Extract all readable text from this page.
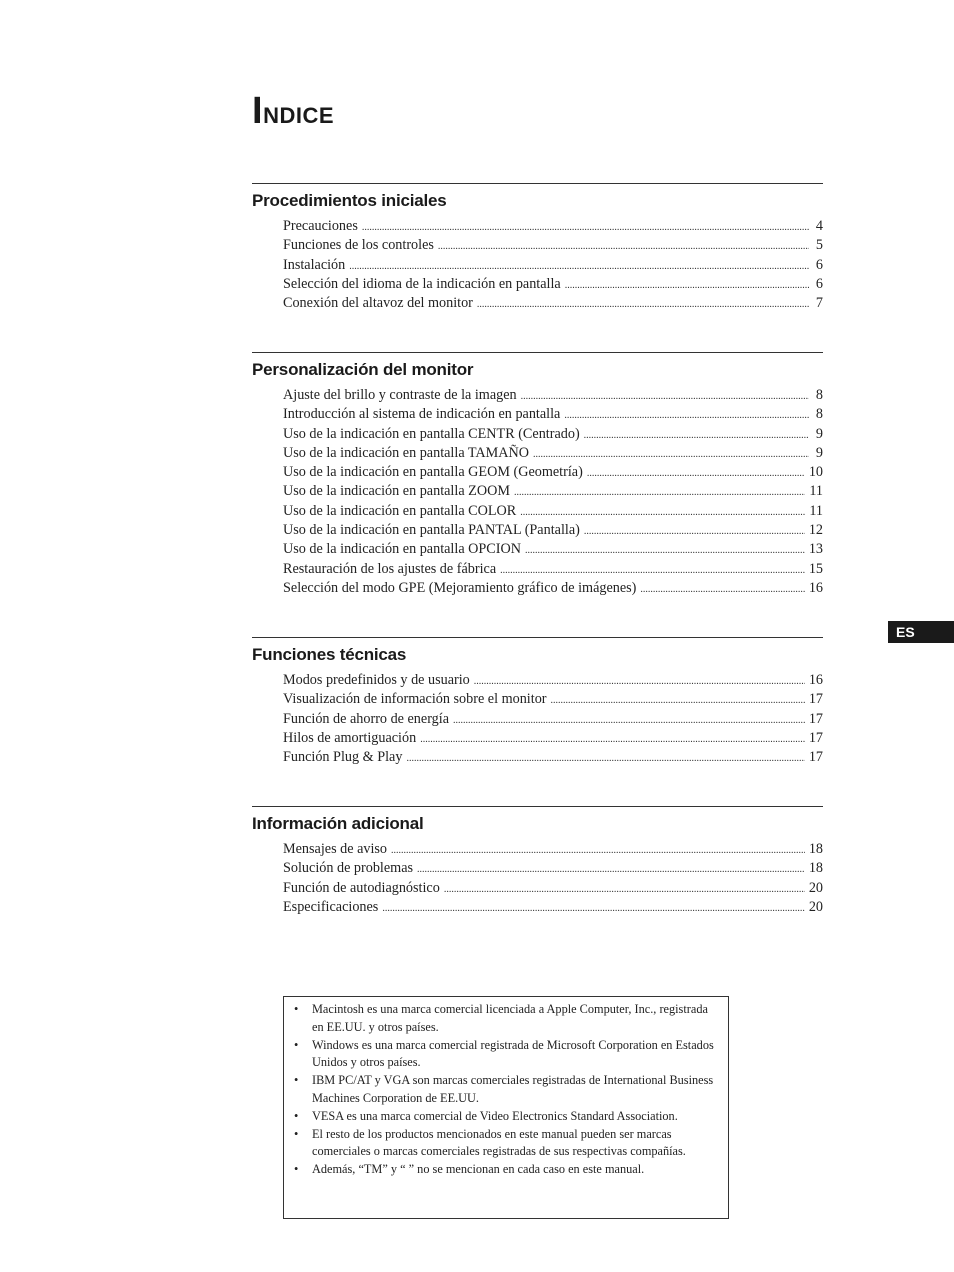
Indice
Procedimientos iniciales
Precauciones .....	4
Funciones de los controles .....	5
Instalación .....	6
Selección del idioma de la indicación en pantalla .....	6
Conexión del altavoz del monitor .....	7
Personalización del monitor
Ajuste del brillo y contraste de la imagen .....	8
Introducción al sistema de indicación en pantalla .....	8
Uso de la indicación en pantalla CENTR (Centrado) .....	9
Uso de la indicación en pantalla TAMAÑO .....	9
Uso de la indicación en pantalla GEOM (Geometría) .....	10
Uso de la indicación en pantalla ZOOM .....	11
Uso de la indicación en pantalla COLOR .....	11
Uso de la indicación en pantalla PANTAL (Pantalla) .....	12
Uso de la indicación en pantalla OPCION .....	13
Restauración de los ajustes de fábrica .....	15
Selección del modo GPE (Mejoramiento gráfico de imágenes) .....	16
Funciones técnicas
Modos predefinidos y de usuario .....	16
Visualización de información sobre el monitor .....	17
Función de ahorro de energía .....	17
Hilos de amortiguación .....	17
Función Plug & Play .....	17
Información adicional
Mensajes de aviso .....	18
Solución de problemas .....	18
Función de autodiagnóstico .....	20
Especificaciones .....	20
ES
• Macintosh es una marca comercial licenciada a Apple Computer, Inc., registrada en EE.UU. y otros países.
• Windows es una marca comercial registrada de Microsoft Corporation en Estados Unidos y otros países.
• IBM PC/AT y VGA son marcas comerciales registradas de International Business Machines Corporation de EE.UU.
• VESA es una marca comercial de Video Electronics Standard Association.
• El resto de los productos mencionados en este manual pueden ser marcas comerciales o marcas comerciales registradas de sus respectivas compañías.
• Además, “TM” y “ ” no se mencionan en cada caso en este manual.
